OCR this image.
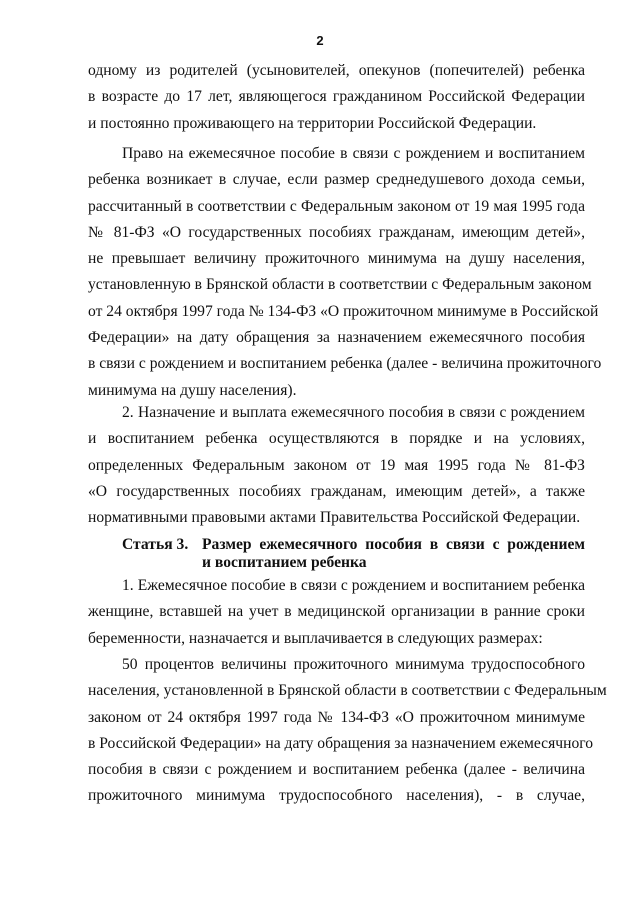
2
одному из родителей (усыновителей, опекунов (попечителей) ребенка
в возрасте до 17 лет, являющегося гражданином Российской Федерации
и постоянно проживающего на территории Российской Федерации.
Право на ежемесячное пособие в связи с рождением и воспитанием
ребенка возникает в случае, если размер среднедушевого дохода семьи,
рассчитанный в соответствии с Федеральным законом от 19 мая 1995 года
№ 81-ФЗ «О государственных пособиях гражданам, имеющим детей»,
не превышает величину прожиточного минимума на душу населения,
установленную в Брянской области в соответствии с Федеральным законом
от 24 октября 1997 года № 134-ФЗ «О прожиточном минимуме в Российской
Федерации» на дату обращения за назначением ежемесячного пособия
в связи с рождением и воспитанием ребенка (далее - величина прожиточного
минимума на душу населения).
2. Назначение и выплата ежемесячного пособия в связи с рождением
и воспитанием ребенка осуществляются в порядке и на условиях,
определенных Федеральным законом от 19 мая 1995 года № 81-ФЗ
«О государственных пособиях гражданам, имеющим детей», а также
нормативными правовыми актами Правительства Российской Федерации.
Статья 3. Размер ежемесячного пособия в связи с рождением
и воспитанием ребенка
1. Ежемесячное пособие в связи с рождением и воспитанием ребенка
женщине, вставшей на учет в медицинской организации в ранние сроки
беременности, назначается и выплачивается в следующих размерах:
50 процентов величины прожиточного минимума трудоспособного
населения, установленной в Брянской области в соответствии с Федеральным
законом от 24 октября 1997 года № 134-ФЗ «О прожиточном минимуме
в Российской Федерации» на дату обращения за назначением ежемесячного
пособия в связи с рождением и воспитанием ребенка (далее - величина
прожиточного минимума трудоспособного населения), - в случае,
